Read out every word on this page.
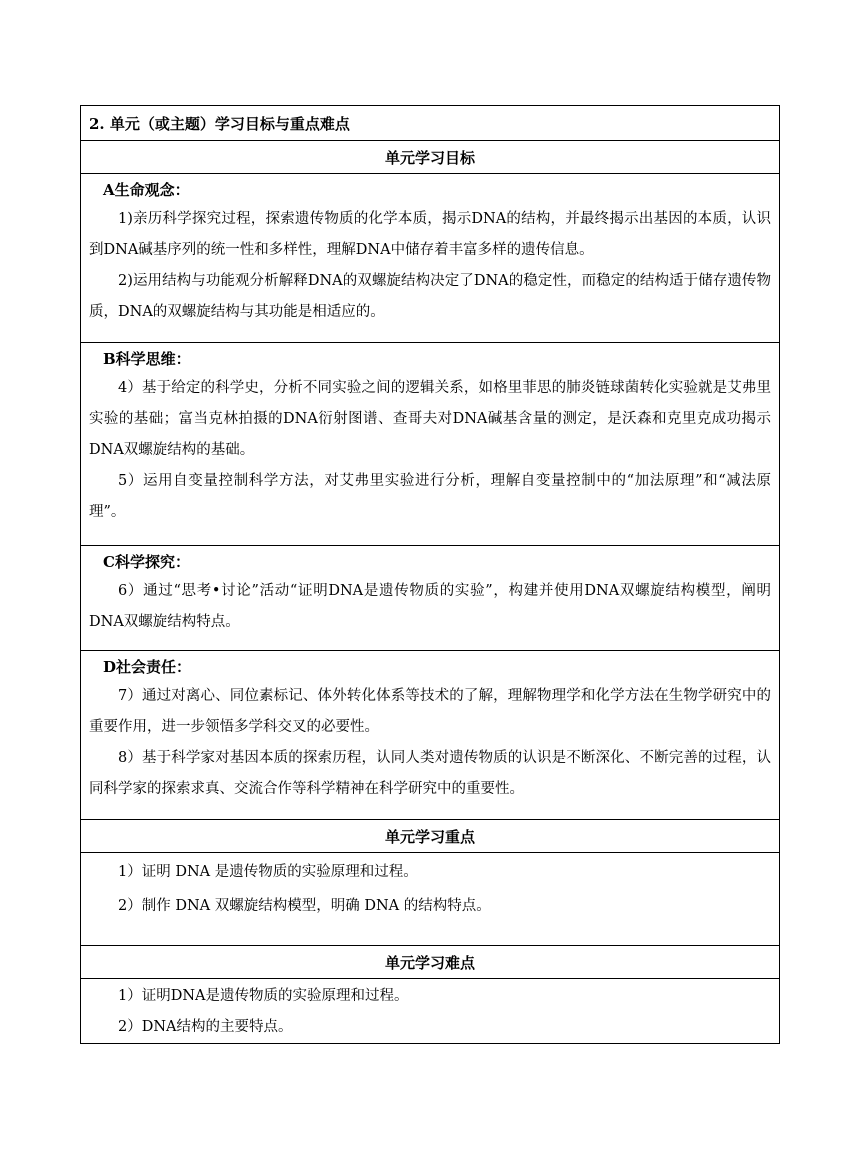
2. 单元（或主题）学习目标与重点难点
单元学习目标

A生命观念：

1)亲历科学探究过程，探索遗传物质的化学本质，揭示DNA的结构，并最终揭示出基因的本质，认识到DNA碱基序列的统一性和多样性，理解DNA中储存着丰富多样的遗传信息。

2)运用结构与功能观分析解释DNA的双螺旋结构决定了DNA的稳定性，而稳定的结构适于储存遗传物质，DNA的双螺旋结构与其功能是相适应的。

B科学思维：

4）基于给定的科学史，分析不同实验之间的逻辑关系，如格里菲思的肺炎链球菌转化实验就是艾弗里实验的基础；富当克林拍摄的DNA衍射图谱、查哥夫对DNA碱基含量的测定，是沃森和克里克成功揭示DNA双螺旋结构的基础。

5）运用自变量控制科学方法，对艾弗里实验进行分析，理解自变量控制中的“加法原理”和“减法原理”。

C科学探究：

6）通过“思考•讨论”活动“证明DNA是遗传物质的实验”，构建并使用DNA双螺旋结构模型，阐明DNA双螺旋结构特点。

D社会责任：

7）通过对离心、同位素标记、体外转化体系等技术的了解，理解物理学和化学方法在生物学研究中的重要作用，进一步领悟多学科交叉的必要性。

8）基于科学家对基因本质的探索历程，认同人类对遗传物质的认识是不断深化、不断完善的过程，认同科学家的探索求真、交流合作等科学精神在科学研究中的重要性。

单元学习重点

1）证明 DNA 是遗传物质的实验原理和过程。

2）制作 DNA 双螺旋结构模型，明确 DNA 的结构特点。

单元学习难点

1）证明DNA是遗传物质的实验原理和过程。

2）DNA结构的主要特点。
